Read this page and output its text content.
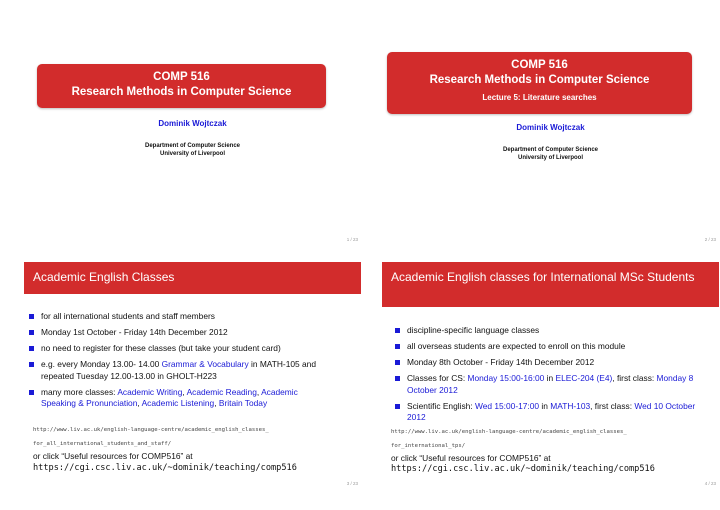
COMP 516
Research Methods in Computer Science
Dominik Wojtczak
Department of Computer Science
University of Liverpool
1 / 23
COMP 516
Research Methods in Computer Science
Lecture 5: Literature searches
Dominik Wojtczak
Department of Computer Science
University of Liverpool
2 / 23
Academic English Classes
for all international students and staff members
Monday 1st October - Friday 14th December 2012
no need to register for these classes (but take your student card)
e.g. every Monday 13.00- 14.00 Grammar & Vocabulary in MATH-105 and repeated Tuesday 12.00-13.00 in GHOLT-H223
many more classes: Academic Writing, Academic Reading, Academic Speaking & Pronunciation, Academic Listening, Britain Today
http://www.liv.ac.uk/english-language-centre/academic_english_classes_
for_all_international_students_and_staff/
or click “Useful resources for COMP516” at
https://cgi.csc.liv.ac.uk/~dominik/teaching/comp516
3 / 23
Academic English classes for International MSc Students
discipline-specific language classes
all overseas students are expected to enroll on this module
Monday 8th October - Friday 14th December 2012
Classes for CS: Monday 15:00-16:00 in ELEC-204 (E4), first class: Monday 8 October 2012
Scientific English: Wed 15:00-17:00 in MATH-103, first class: Wed 10 October 2012
http://www.liv.ac.uk/english-language-centre/academic_english_classes_
for_international_tps/
or click “Useful resources for COMP516” at
https://cgi.csc.liv.ac.uk/~dominik/teaching/comp516
4 / 23
